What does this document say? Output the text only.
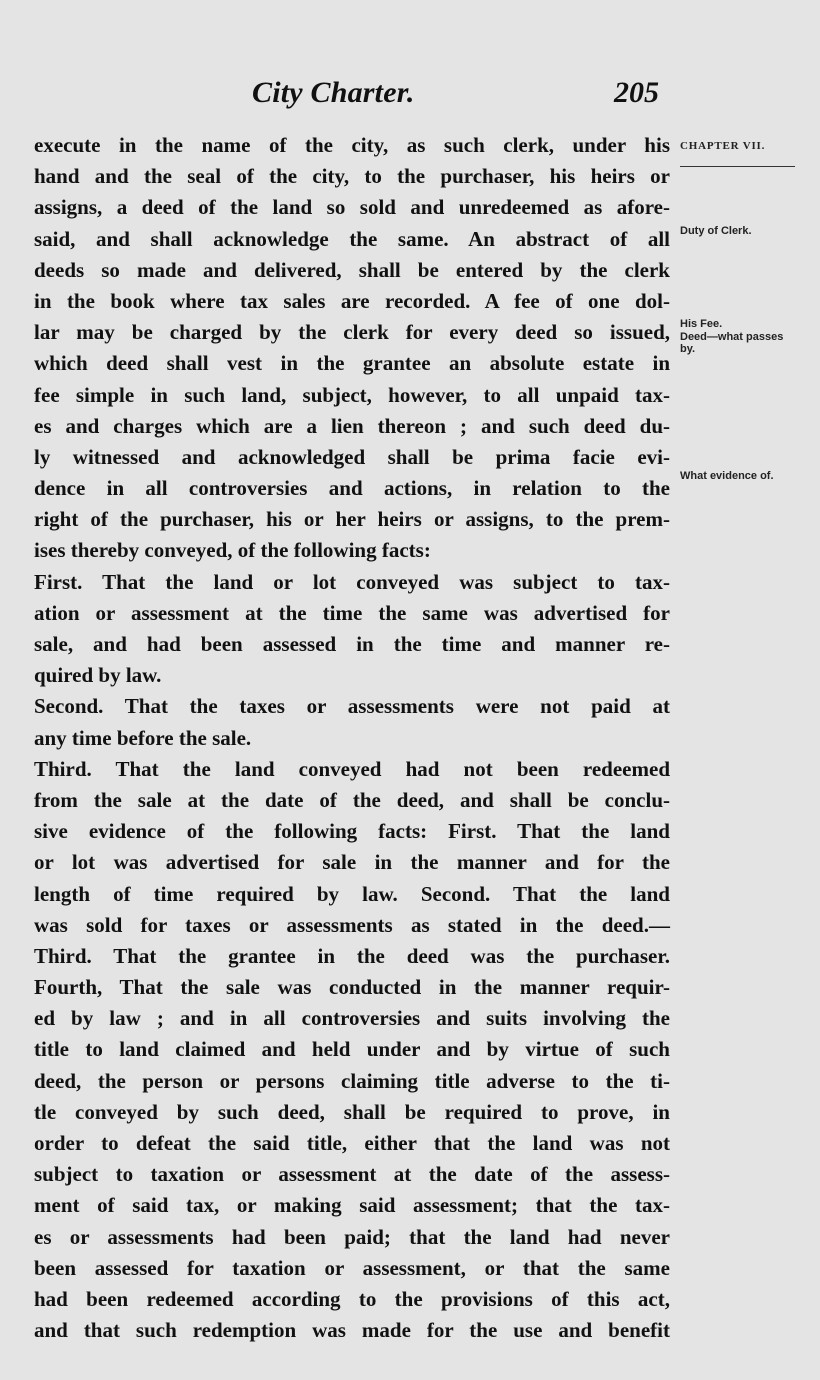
City Charter.	205
CHAPTER VII.
Duty of Clerk.
His Fee.
Deed—what passes by.
What evidence of.
execute in the name of the city, as such clerk, under his
hand and the seal of the city, to the purchaser, his heirs or
assigns, a deed of the land so sold and unredeemed as afore-
said, and shall acknowledge the same. An abstract of all
deeds so made and delivered, shall be entered by the clerk
in the book where tax sales are recorded. A fee of one dol-
lar may be charged by the clerk for every deed so issued,
which deed shall vest in the grantee an absolute estate in
fee simple in such land, subject, however, to all unpaid tax-
es and charges which are a lien thereon ; and such deed du-
ly witnessed and acknowledged shall be prima facie evi-
dence in all controversies and actions, in relation to the
right of the purchaser, his or her heirs or assigns, to the prem-
ises thereby conveyed, of the following facts:
First. That the land or lot conveyed was subject to tax-
ation or assessment at the time the same was advertised for
sale, and had been assessed in the time and manner re-
quired by law.
Second. That the taxes or assessments were not paid at
any time before the sale.
Third. That the land conveyed had not been redeemed
from the sale at the date of the deed, and shall be conclu-
sive evidence of the following facts: First. That the land
or lot was advertised for sale in the manner and for the
length of time required by law. Second. That the land
was sold for taxes or assessments as stated in the deed.—
Third. That the grantee in the deed was the purchaser.
Fourth, That the sale was conducted in the manner requir-
ed by law ; and in all controversies and suits involving the
title to land claimed and held under and by virtue of such
deed, the person or persons claiming title adverse to the ti-
tle conveyed by such deed, shall be required to prove, in
order to defeat the said title, either that the land was not
subject to taxation or assessment at the date of the assess-
ment of said tax, or making said assessment; that the tax-
es or assessments had been paid; that the land had never
been assessed for taxation or assessment, or that the same
had been redeemed according to the provisions of this act,
and that such redemption was made for the use and benefit
